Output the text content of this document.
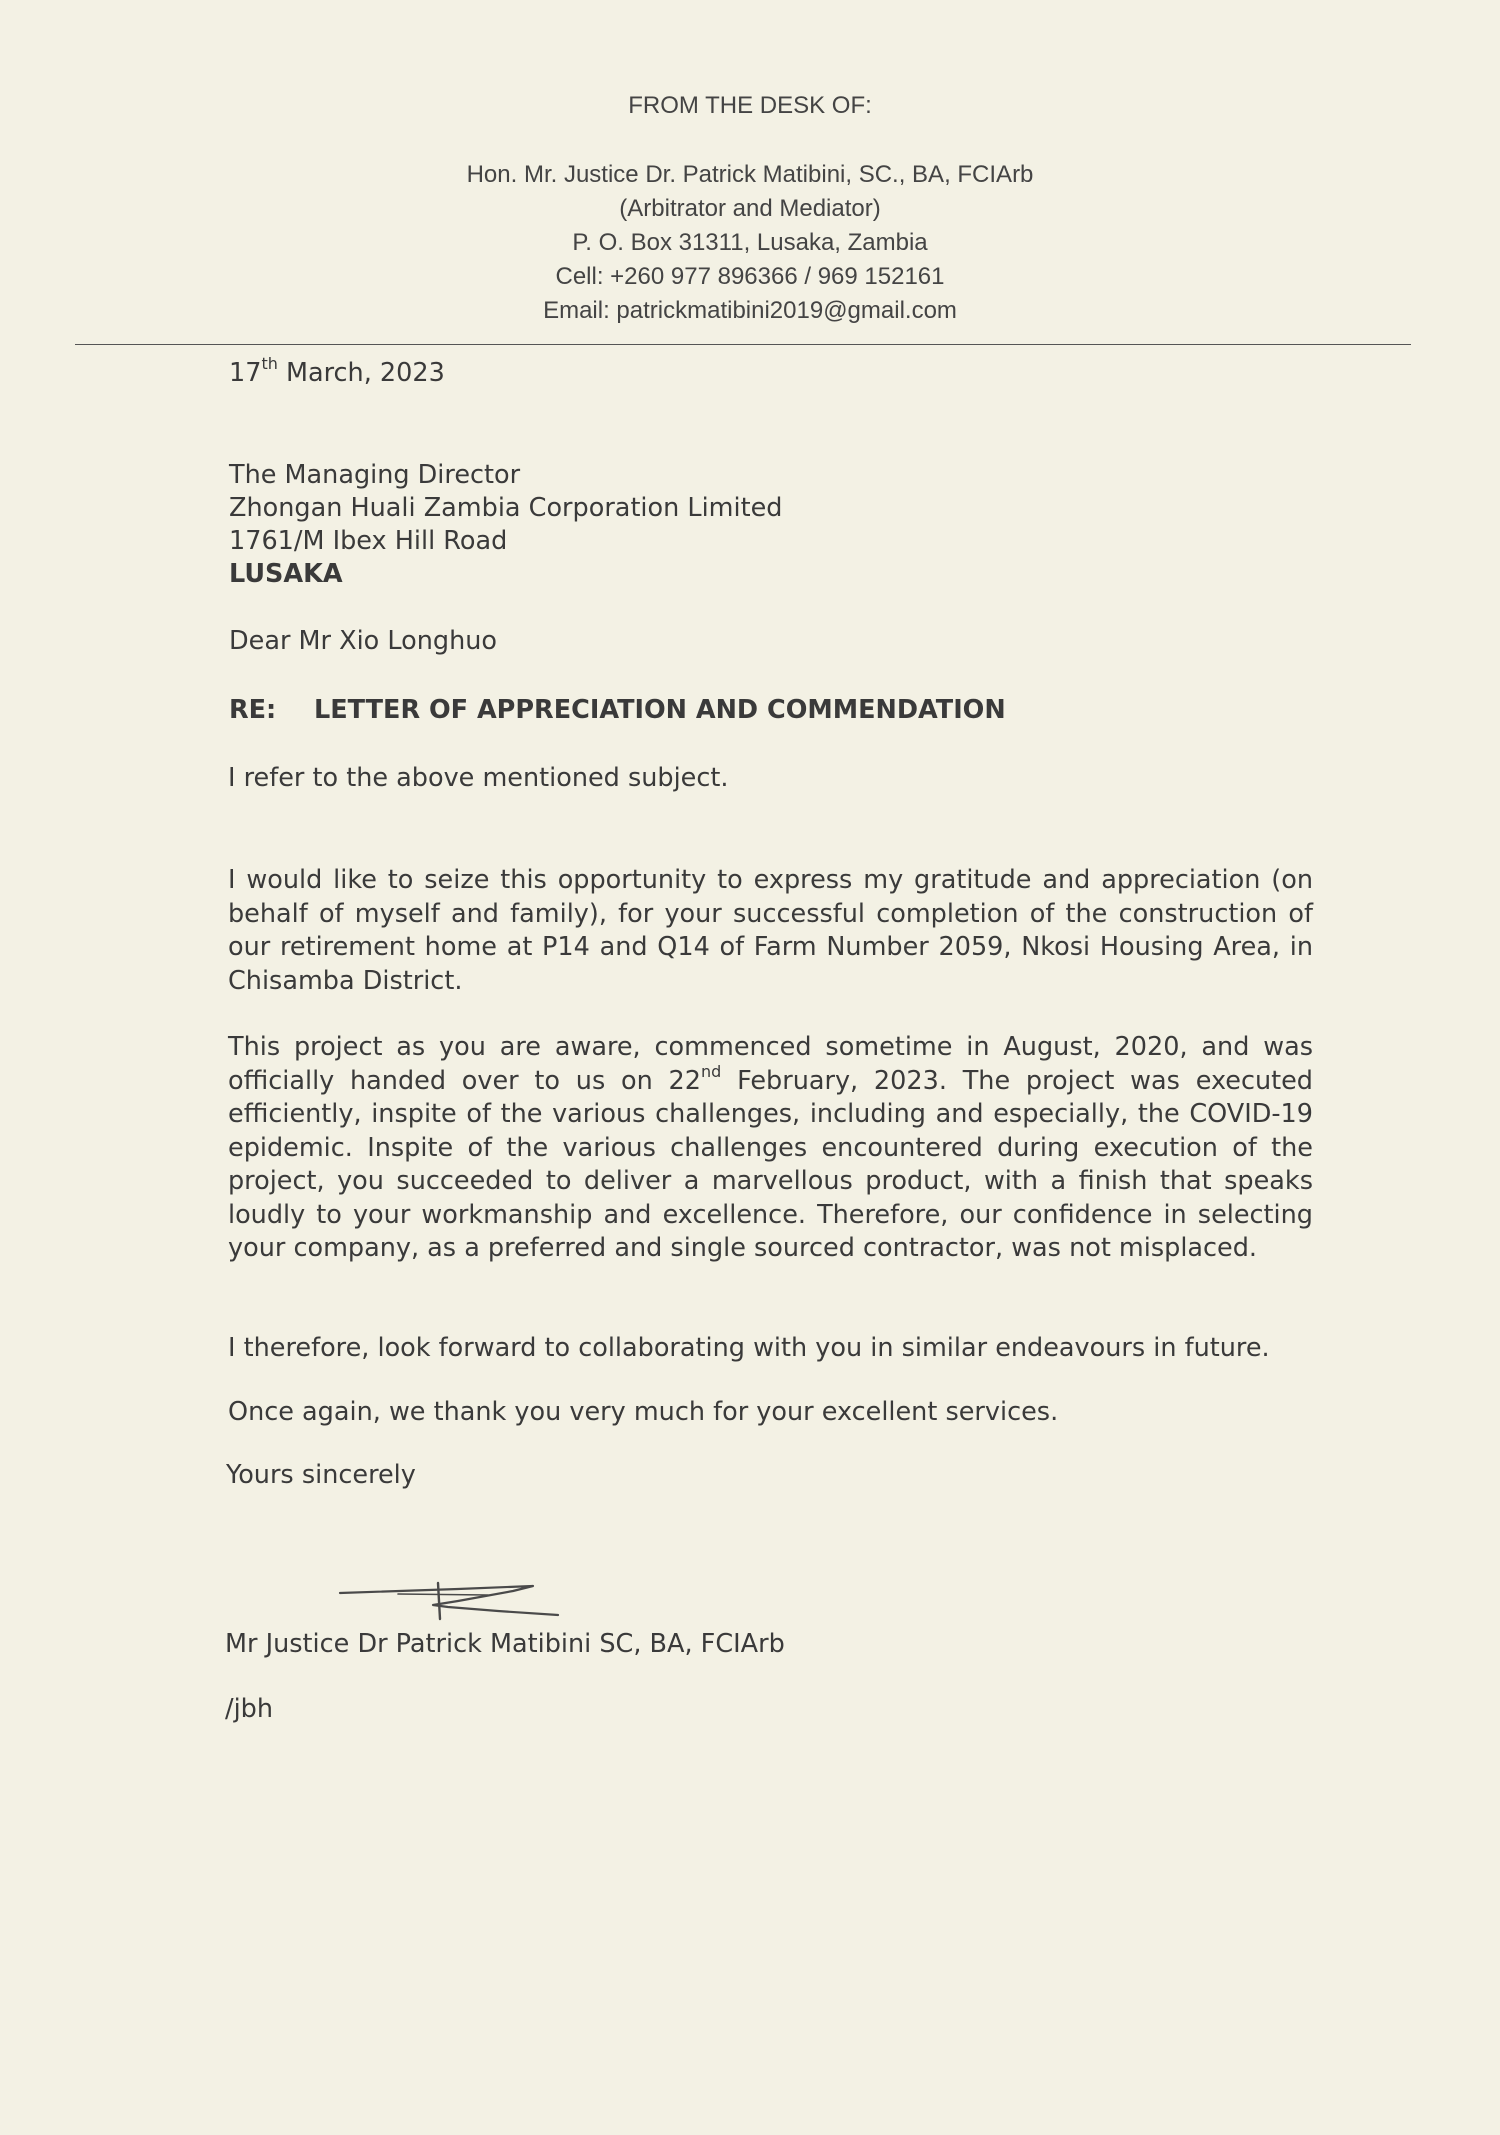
FROM THE DESK OF:
Hon. Mr. Justice Dr. Patrick Matibini, SC., BA, FCIArb
(Arbitrator and Mediator)
P. O. Box 31311, Lusaka, Zambia
Cell: +260 977 896366 / 969 152161
Email: patrickmatibini2019@gmail.com
17th March, 2023
The Managing Director
Zhongan Huali Zambia Corporation Limited
1761/M Ibex Hill Road
LUSAKA
Dear Mr Xio Longhuo
RE: LETTER OF APPRECIATION AND COMMENDATION

I refer to the above mentioned subject.

I would like to seize this opportunity to express my gratitude and appreciation (on behalf of myself and family), for your successful completion of the construction of our retirement home at P14 and Q14 of Farm Number 2059, Nkosi Housing Area, in Chisamba District.

This project as you are aware, commenced sometime in August, 2020, and was officially handed over to us on 22nd February, 2023. The project was executed efficiently, inspite of the various challenges, including and especially, the COVID-19 epidemic. Inspite of the various challenges encountered during execution of the project, you succeeded to deliver a marvellous product, with a finish that speaks loudly to your workmanship and excellence. Therefore, our confidence in selecting your company, as a preferred and single sourced contractor, was not misplaced.

I therefore, look forward to collaborating with you in similar endeavours in future.

Once again, we thank you very much for your excellent services.

Yours sincerely
Mr Justice Dr Patrick Matibini SC, BA, FCIArb
/jbh
